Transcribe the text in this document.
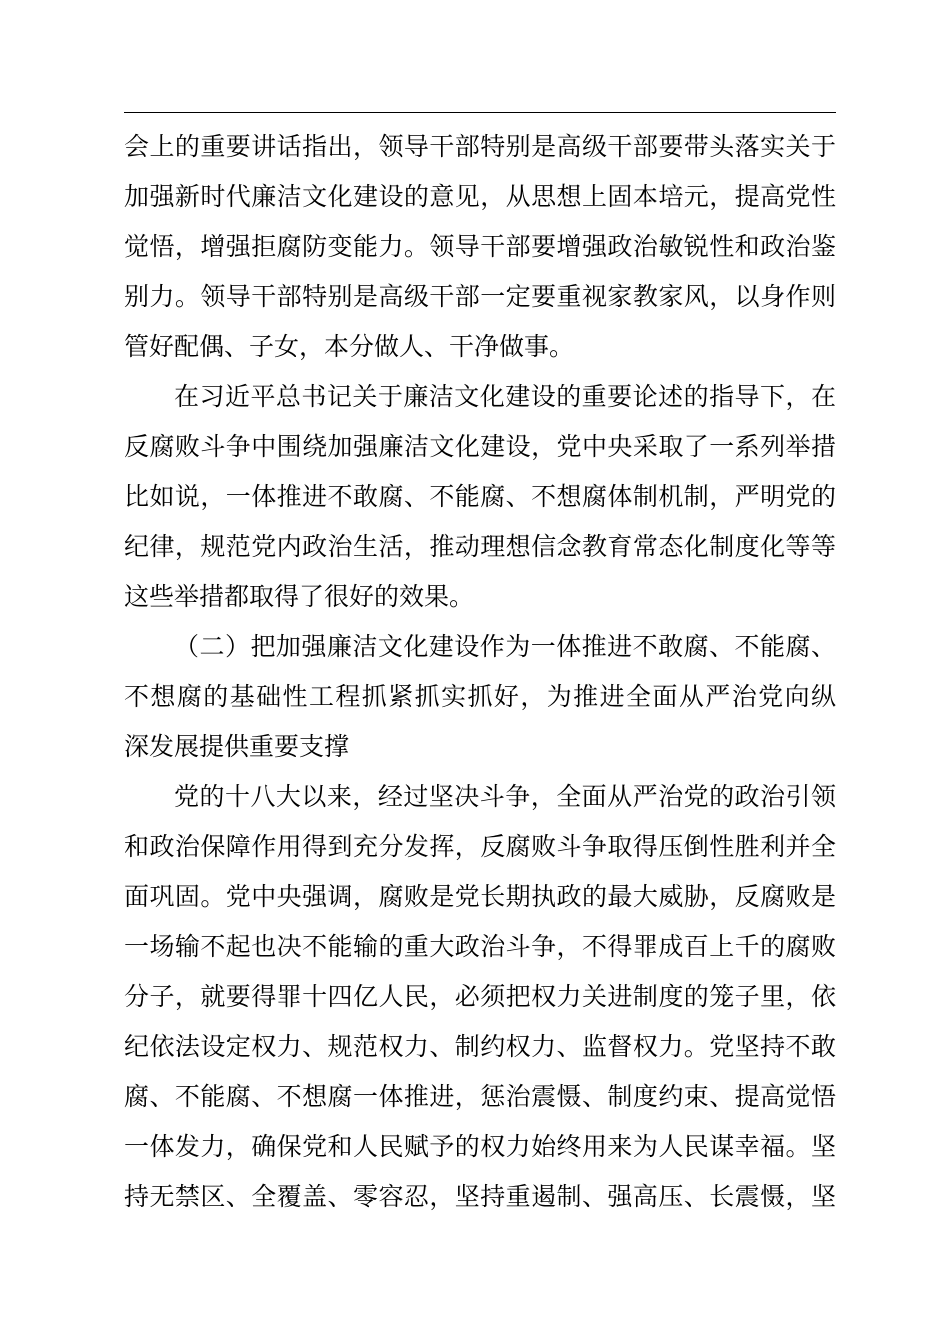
会上的重要讲话指出，领导干部特别是高级干部要带头落实关于
加强新时代廉洁文化建设的意见，从思想上固本培元，提高党性
觉悟，增强拒腐防变能力。领导干部要增强政治敏锐性和政治鉴
别力。领导干部特别是高级干部一定要重视家教家风，以身作则
管好配偶、子女，本分做人、干净做事。
在习近平总书记关于廉洁文化建设的重要论述的指导下，在
反腐败斗争中围绕加强廉洁文化建设，党中央采取了一系列举措
比如说，一体推进不敢腐、不能腐、不想腐体制机制，严明党的
纪律，规范党内政治生活，推动理想信念教育常态化制度化等等
这些举措都取得了很好的效果。
（二）把加强廉洁文化建设作为一体推进不敢腐、不能腐、
不想腐的基础性工程抓紧抓实抓好，为推进全面从严治党向纵
深发展提供重要支撑
党的十八大以来，经过坚决斗争，全面从严治党的政治引领
和政治保障作用得到充分发挥，反腐败斗争取得压倒性胜利并全
面巩固。党中央强调，腐败是党长期执政的最大威胁，反腐败是
一场输不起也决不能输的重大政治斗争，不得罪成百上千的腐败
分子，就要得罪十四亿人民，必须把权力关进制度的笼子里，依
纪依法设定权力、规范权力、制约权力、监督权力。党坚持不敢
腐、不能腐、不想腐一体推进，惩治震慑、制度约束、提高觉悟
一体发力，确保党和人民赋予的权力始终用来为人民谋幸福。坚
持无禁区、全覆盖、零容忍，坚持重遏制、强高压、长震慑，坚
